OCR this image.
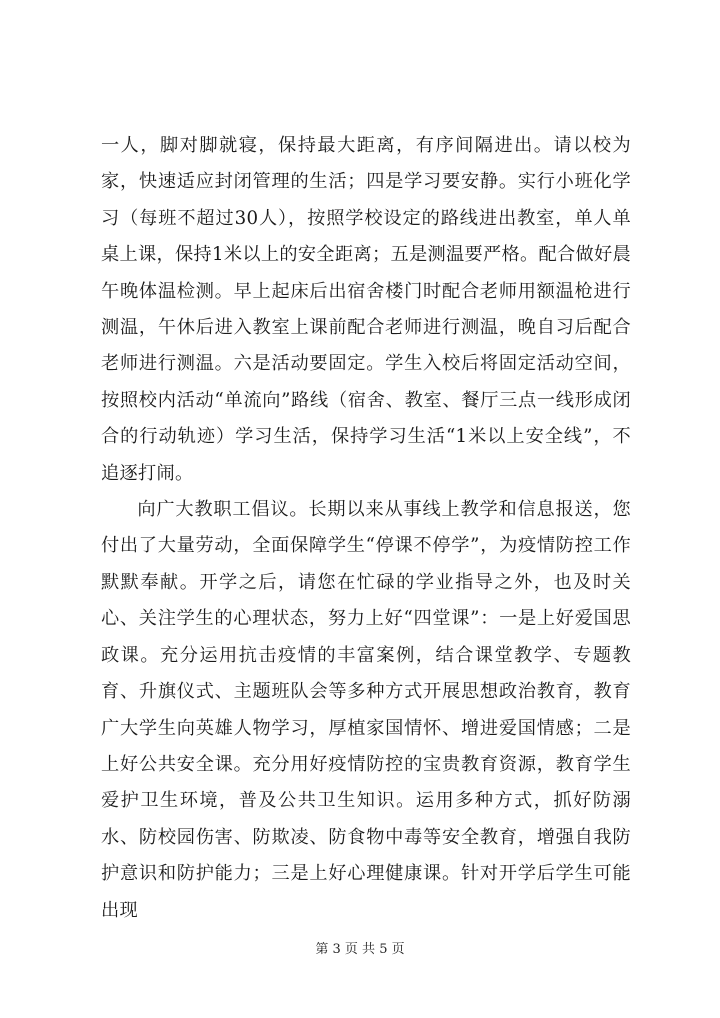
一人，脚对脚就寝，保持最大距离，有序间隔进出。请以校为家，快速适应封闭管理的生活；四是学习要安静。实行小班化学习（每班不超过30人），按照学校设定的路线进出教室，单人单桌上课，保持1米以上的安全距离；五是测温要严格。配合做好晨午晚体温检测。早上起床后出宿舍楼门时配合老师用额温枪进行测温，午休后进入教室上课前配合老师进行测温，晚自习后配合老师进行测温。六是活动要固定。学生入校后将固定活动空间，按照校内活动“单流向”路线（宿舍、教室、餐厅三点一线形成闭合的行动轨迹）学习生活，保持学习生活“1米以上安全线”，不追逐打闹。

向广大教职工倡议。长期以来从事线上教学和信息报送，您付出了大量劳动，全面保障学生“停课不停学”，为疫情防控工作默默奉献。开学之后，请您在忙碌的学业指导之外，也及时关心、关注学生的心理状态，努力上好“四堂课”：一是上好爱国思政课。充分运用抗击疫情的丰富案例，结合课堂教学、专题教育、升旗仪式、主题班队会等多种方式开展思想政治教育，教育广大学生向英雄人物学习，厚植家国情怀、增进爱国情感；二是上好公共安全课。充分用好疫情防控的宝贵教育资源，教育学生爱护卫生环境，普及公共卫生知识。运用多种方式，抓好防溺水、防校园伤害、防欺凌、防食物中毒等安全教育，增强自我防护意识和防护能力；三是上好心理健康课。针对开学后学生可能出现

第 3 页 共 5 页
